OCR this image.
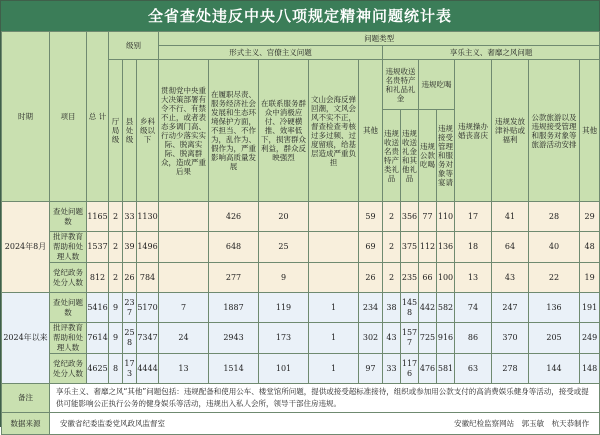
全省查处违反中央八项规定精神问题统计表
时期	项目	总 计	级别			问题类型												
						形式主义、官僚主义问题					享乐主义、奢靡之风问题							
			厅局级	县处级	乡科级以下	贯彻党中央重大决策部署有令不行、有禁不止，或者表态多调门高、行动少落实实际、脱离实际、脱离群众，造成严重后果	在履职尽责、服务经济社会发展和生态环境保护方面，不担当、不作为，乱作为、假作为，严重影响高质量发展	在联系服务群众中消极应付、冷硬横推、效率低下，损害群众利益，群众反映强烈	文山会海反弹回潮，文风会风不实不正，督查检查考核过多过频、过度留痕，给基层造成严重负担	其他	违规收送名贵特产和礼品礼金		违规吃喝		违规操办婚丧喜庆	违规发放津补贴或福利	公款旅游以及违规接受管理和服务对象等旅游活动安排	其他
											违规收送名贵特产类礼品	违规收送礼金和其他礼品	违规公款吃喝	违规接受管理和服务对象等宴请				
2024年8月	查处问题数	1165	2	33	1130		426	20		59	2	356	77	110	17	41	28	29
	批评教育帮助和处理人数	1537	2	39	1496		648	25		69	2	375	112	136	18	64	40	48
	党纪政务处分人数	812	2	26	784		277	9		26	2	235	66	100	13	43	22	19
2024年以来	查处问题数	5416	9	237	5170	7	1887	119	1	234	38	1458	442	582	74	247	136	191
	批评教育帮助和处理人数	7614	9	258	7347	24	2943	173	1	302	43	1577	725	916	86	370	205	249
	党纪政务处分人数	4625	8	173	4444	13	1514	101	1	97	33	1176	476	581	63	278	144	148
备注	享乐主义、奢靡之风“其他”问题包括：违规配备和使用公车、楼堂馆所问题，提供或接受超标准接待，组织或参加用公款支付的高消费娱乐健身等活动，接受或提供可能影响公正执行公务的健身娱乐等活动，违规出入私人会所，领导干部住房违规。																	
数据来源	安徽省纪委监委党风政风监督室 安徽纪检监察网站　郭玉敏　杭天恭制作																	
